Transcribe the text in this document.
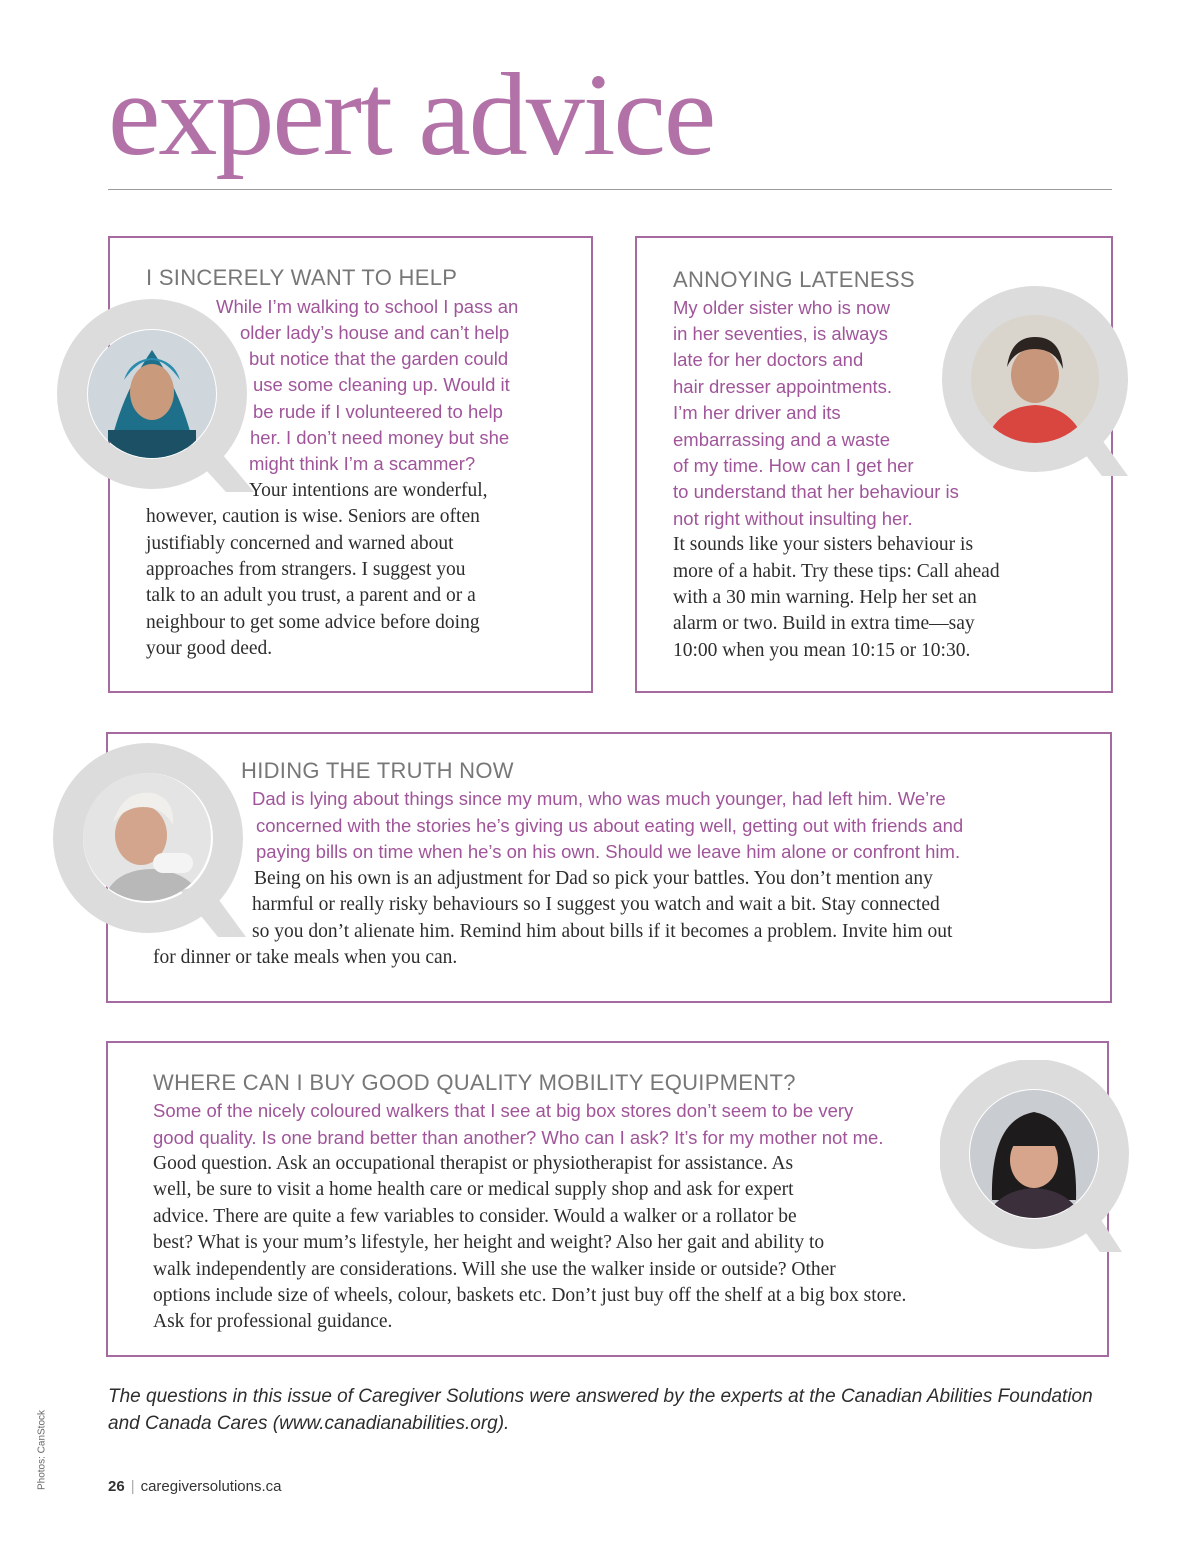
expert advice
I SINCERELY WANT TO HELP
While I’m walking to school I pass an
older lady’s house and can’t help
but notice that the garden could
use some cleaning up. Would it
be rude if I volunteered to help
her. I don’t need money but she
might think I’m a scammer?
Your intentions are wonderful,
however, caution is wise. Seniors are often
justifiably concerned and warned about
approaches from strangers. I suggest you
talk to an adult you trust, a parent and or a
neighbour to get some advice before doing
your good deed.
ANNOYING LATENESS
My older sister who is now
in her seventies, is always
late for her doctors and
hair dresser appointments.
I’m her driver and its
embarrassing and a waste
of my time. How can I get her
to understand that her behaviour is
not right without insulting her.
It sounds like your sisters behaviour is
more of a habit. Try these tips: Call ahead
with a 30 min warning. Help her set an
alarm or two. Build in extra time—say
10:00 when you mean 10:15 or 10:30.
HIDING THE TRUTH NOW
Dad is lying about things since my mum, who was much younger, had left him. We’re
concerned with the stories he’s giving us about eating well, getting out with friends and
paying bills on time when he’s on his own. Should we leave him alone or confront him.
Being on his own is an adjustment for Dad so pick your battles. You don’t mention any
harmful or really risky behaviours so I suggest you watch and wait a bit. Stay connected
so you don’t alienate him. Remind him about bills if it becomes a problem. Invite him out
for dinner or take meals when you can.
WHERE CAN I BUY GOOD QUALITY MOBILITY EQUIPMENT?
Some of the nicely coloured walkers that I see at big box stores don’t seem to be very
good quality. Is one brand better than another? Who can I ask? It’s for my mother not me.
Good question. Ask an occupational therapist or physiotherapist for assistance. As
well, be sure to visit a home health care or medical supply shop and ask for expert
advice. There are quite a few variables to consider. Would a walker or a rollator be
best? What is your mum’s lifestyle, her height and weight? Also her gait and ability to
walk independently are considerations. Will she use the walker inside or outside? Other
options include size of wheels, colour, baskets etc. Don’t just buy off the shelf at a big box store.
Ask for professional guidance.

The questions in this issue of Caregiver Solutions were answered by the experts at the Canadian Abilities Foundation and Canada Cares (www.canadianabilities.org).

Photos: CanStock	26 | caregiversolutions.ca
